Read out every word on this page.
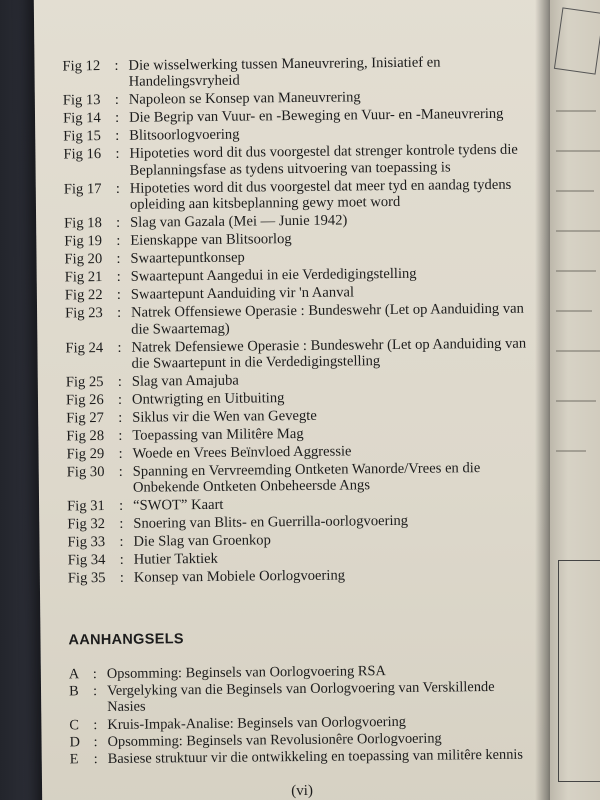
Fig 12 : Die wisselwerking tussen Maneuvrering, Inisiatief en Handelingsvryheid
Fig 13 : Napoleon se Konsep van Maneuvrering
Fig 14 : Die Begrip van Vuur- en -Beweging en Vuur- en -Maneuvrering
Fig 15 : Blitsoorlogvoering
Fig 16 : Hipoteties word dit dus voorgestel dat strenger kontrole tydens die Beplanningsfase as tydens uitvoering van toepassing is
Fig 17 : Hipoteties word dit dus voorgestel dat meer tyd en aandag tydens opleiding aan kitsbeplanning gewy moet word
Fig 18 : Slag van Gazala (Mei — Junie 1942)
Fig 19 : Eienskappe van Blitsoorlog
Fig 20 : Swaartepuntkonsep
Fig 21 : Swaartepunt Aangedui in eie Verdedigingstelling
Fig 22 : Swaartepunt Aanduiding vir 'n Aanval
Fig 23 : Natrek Offensiewe Operasie : Bundeswehr (Let op Aanduiding van die Swaartemag)
Fig 24 : Natrek Defensiewe Operasie : Bundeswehr (Let op Aanduiding van die Swaartepunt in die Verdedigingstelling
Fig 25 : Slag van Amajuba
Fig 26 : Ontwrigting en Uitbuiting
Fig 27 : Siklus vir die Wen van Gevegte
Fig 28 : Toepassing van Militêre Mag
Fig 29 : Woede en Vrees Beïnvloed Aggressie
Fig 30 : Spanning en Vervreemding Ontketen Wanorde/Vrees en die Onbekende Ontketen Onbeheersde Angs
Fig 31 : “SWOT” Kaart
Fig 32 : Snoering van Blits- en Guerrilla-oorlogvoering
Fig 33 : Die Slag van Groenkop
Fig 34 : Hutier Taktiek
Fig 35 : Konsep van Mobiele Oorlogvoering
AANHANGSELS
A : Opsomming: Beginsels van Oorlogvoering RSA
B : Vergelyking van die Beginsels van Oorlogvoering van Verskillende Nasies
C : Kruis-Impak-Analise: Beginsels van Oorlogvoering
D : Opsomming: Beginsels van Revolusionêre Oorlogvoering
E	: Basiese struktuur vir die ontwikkeling en toepassing van militêre kennis
(vi)
